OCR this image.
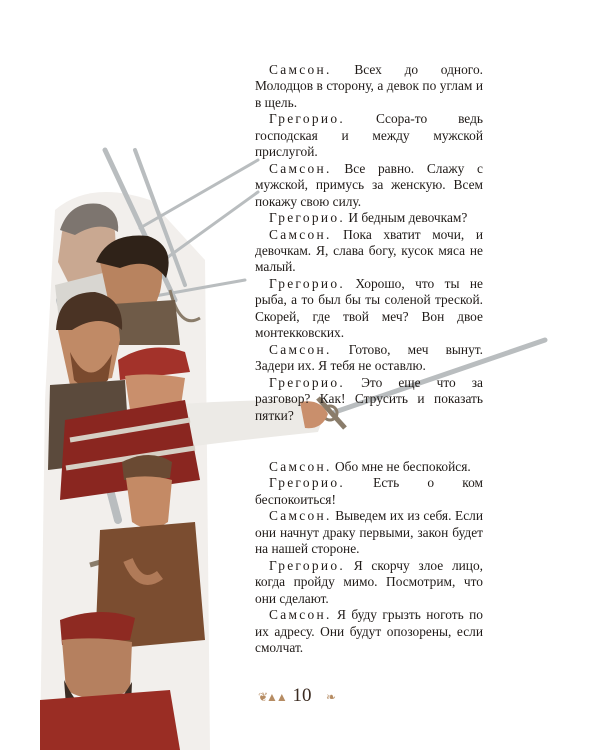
Самсон. Всех до одного. Молодцов в сторону, а девок по углам и в щель.

Грегорио. Ссора-то ведь господская и между мужской прислугой.

Самсон. Все равно. Слажу с мужской, примусь за женскую. Всем покажу свою силу.

Грегорио. И бедным девочкам?

Самсон. Пока хватит мочи, и девочкам. Я, слава богу, кусок мяса не малый.

Грегорио. Хорошо, что ты не рыба, а то был бы ты соленой треской. Скорей, где твой меч? Вон двое монтекковских.

Самсон. Готово, меч вынут. Задери их. Я тебя не оставлю.

Грегорио. Это еще что за разговор? Как! Струсить и показать пятки?

Самсон. Обо мне не беспокойся.

Грегорио. Есть о ком беспокоиться!

Самсон. Выведем их из себя. Если они начнут драку первыми, закон будет на нашей стороне.

Грегорио. Я скорчу злое лицо, когда пройду мимо. Посмотрим, что они сделают.

Самсон. Я буду грызть ноготь по их адресу. Они будут опозорены, если смолчат.

❦▲▲ 10	❧
